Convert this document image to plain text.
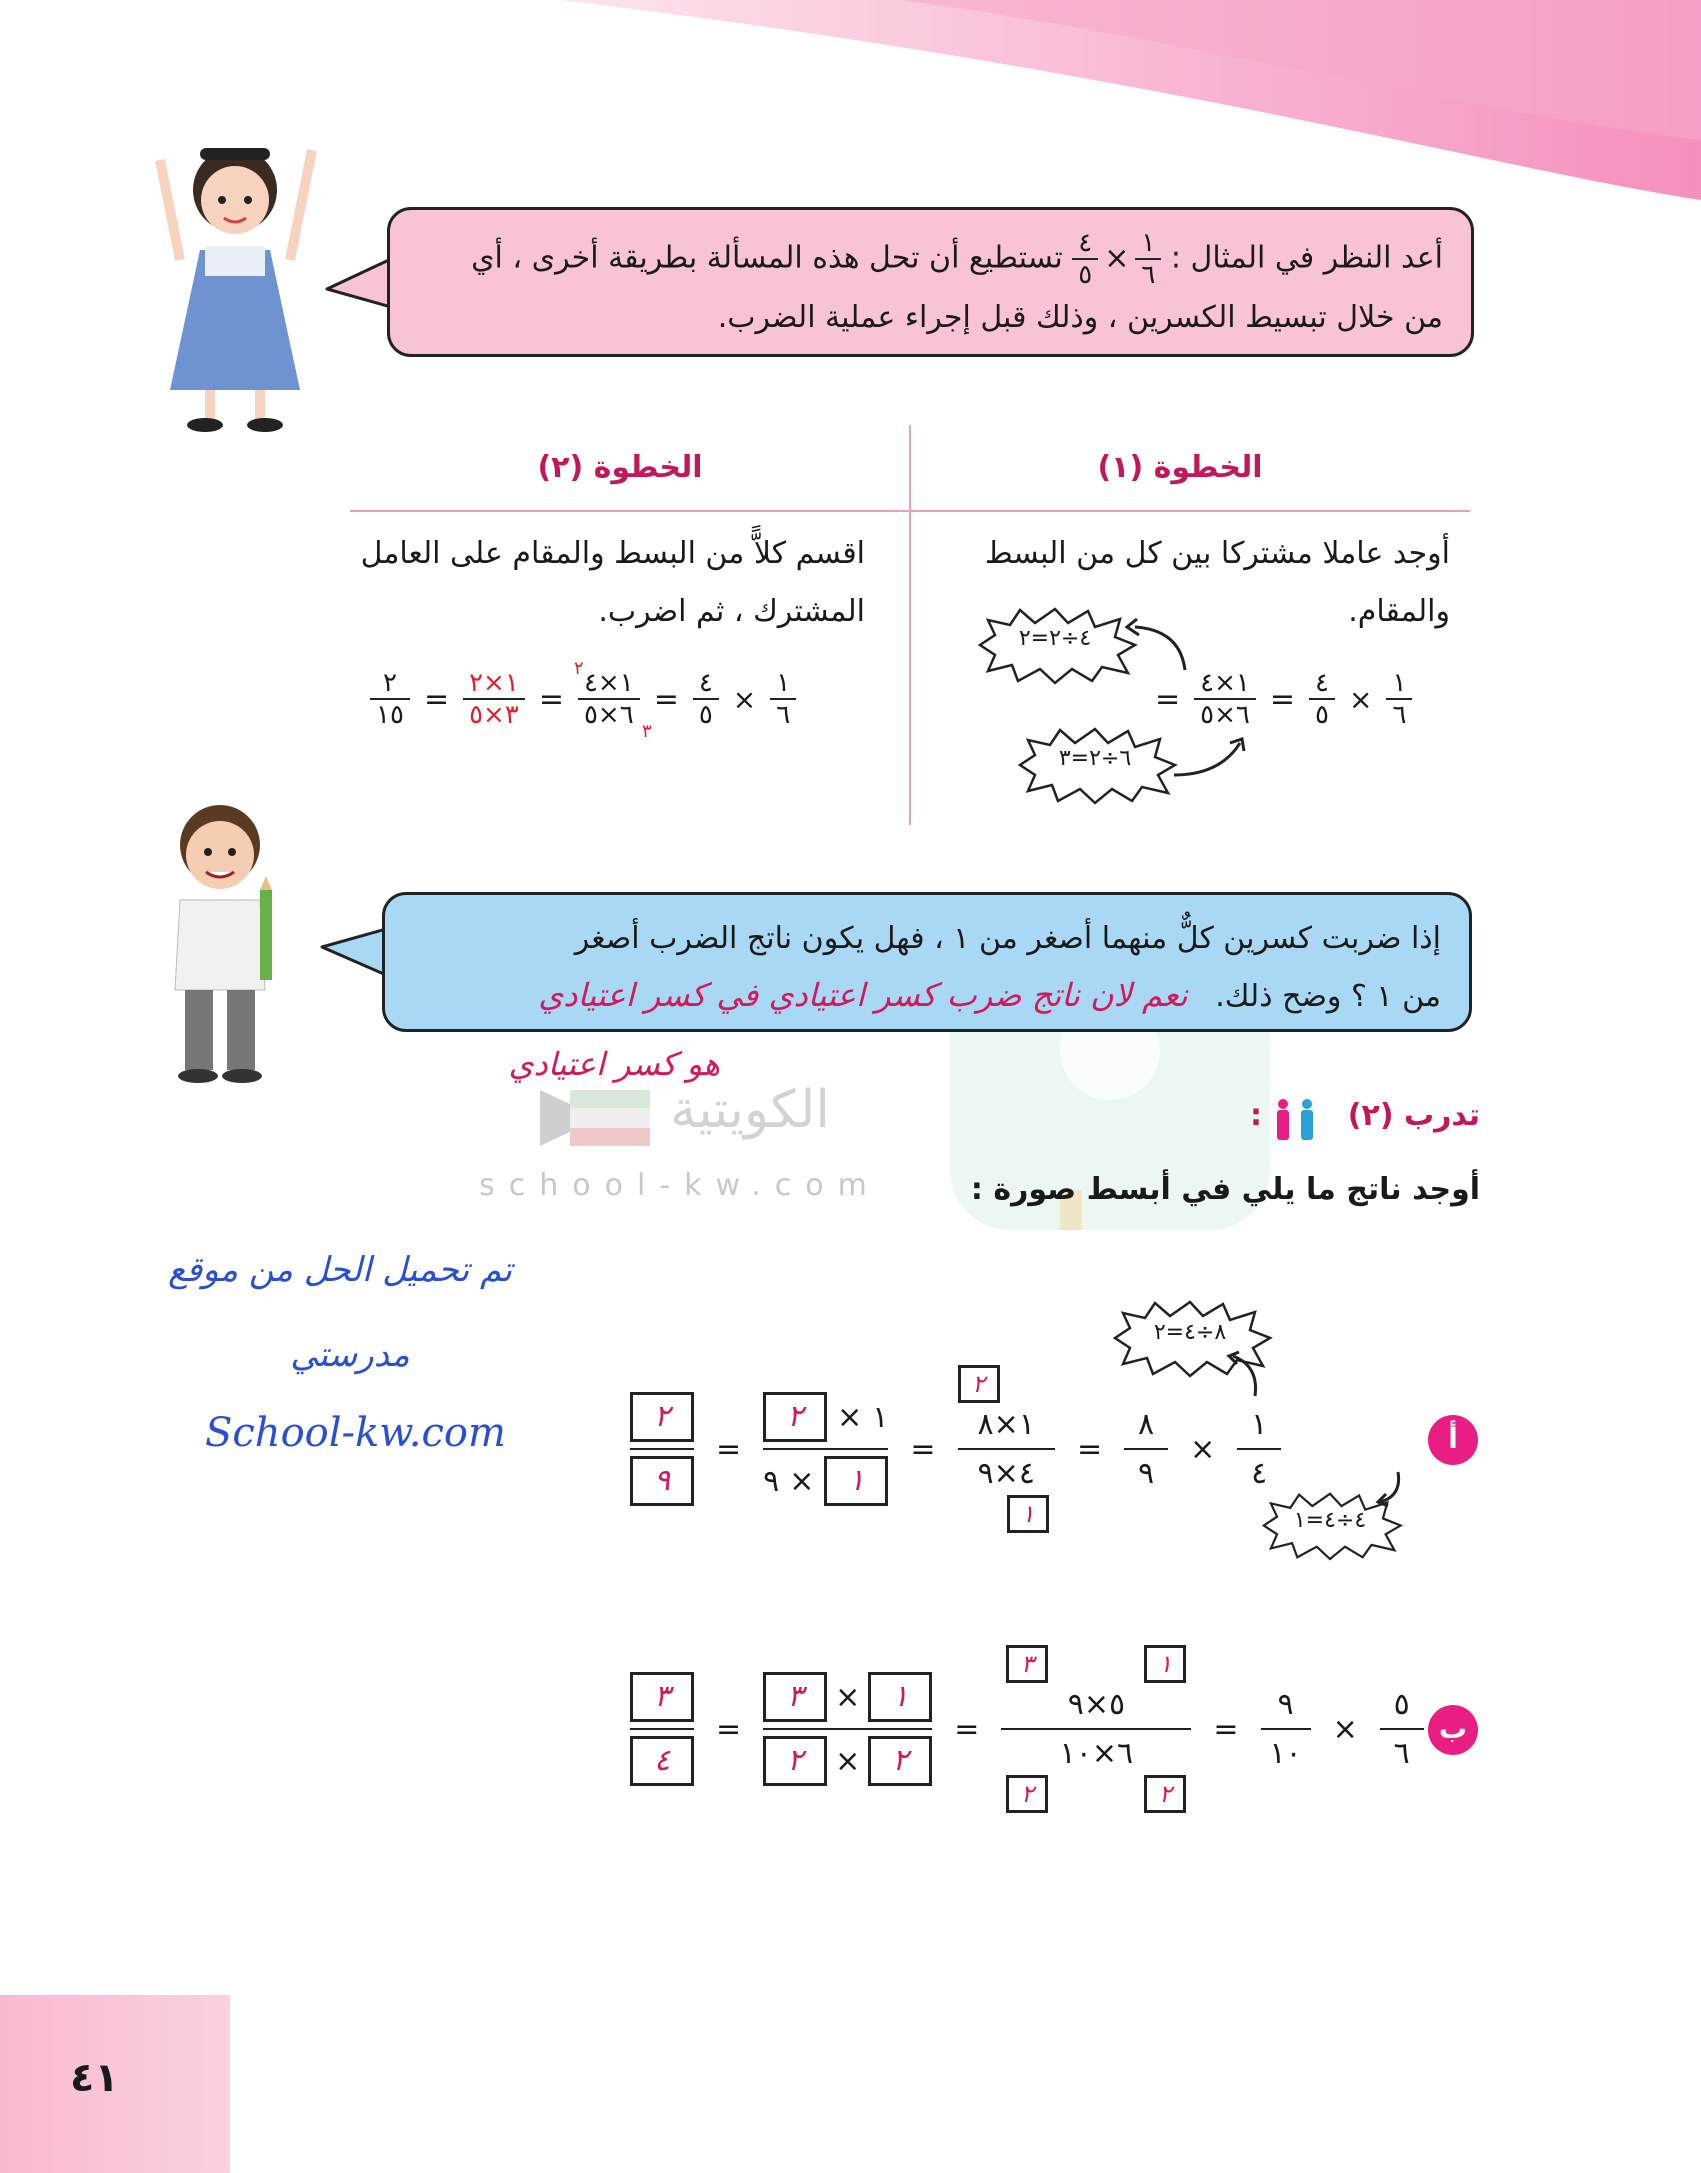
أعد النظر في المثال :
$\frac{٤}{٥} \times \frac{١}{٦}$
تستطيع أن تحل هذه المسألة بطريقة أخرى ، أي
من خلال تبسيط الكسرين ، وذلك قبل إجراء عملية الضرب.
الخطوة (١)
الخطوة (٢)
أوجد عاملا مشتركا بين كل من البسط
والمقام.
٤÷٢=٢
= $\frac{١\times ٤}{٦\times ٥} = \frac{٤}{٥} \times \frac{١}{٦}$
٦÷٢=٣
اقسم كلاًّ من البسط والمقام على العامل
المشترك ، ثم اضرب.
$\frac{٢}{١٥} = \frac{١\times ٢}{٣\times ٥}$ = ١×٤
٦×٥
٢
٣
= $\frac{٤}{٥} \times \frac{١}{٦}$
الكويتية
school-kw.com
إذا ضربت كسرين كلٌّ منهما أصغر من ١ ، فهل يكون ناتج الضرب أصغر
من ١ ؟ وضح ذلك. نعم لان ناتج ضرب كسر اعتيادي في كسر اعتيادي
هو كسر اعتيادي
تدرب (٢)
:
أوجد ناتج ما يلي في أبسط صورة :
تم تحميل الحل من موقع
مدرستي
School-kw.com	أ
٨÷٤=٢
٢
٩
=
٢	× ١
٩ ×	١
=
٢
١×٨
٤×٩
١
=
٨
٩
×
١
٤
٤÷٤=١
ب
٣
٤
=
٣	×	١
٢	×	٢
=
٣	١
٥×٩
٦×١٠
٢	٢
=
٩
١٠
×
٥
٦
٤١
